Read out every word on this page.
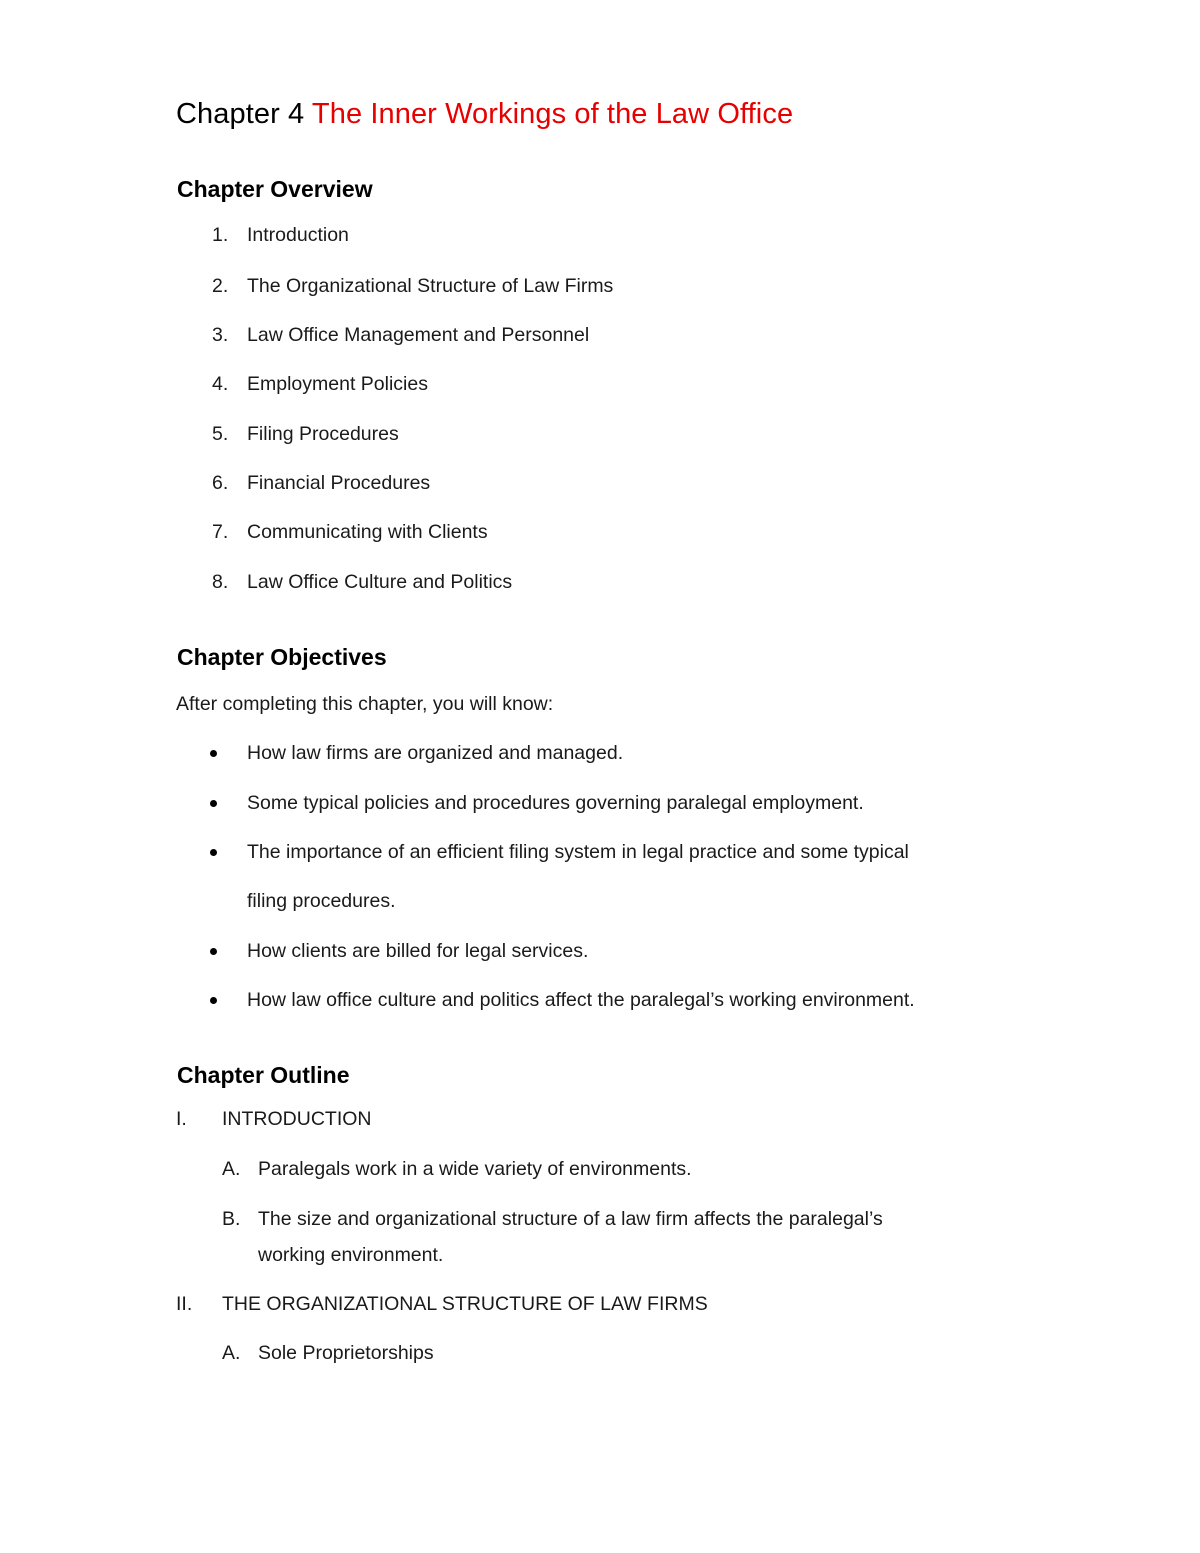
Chapter 4 The Inner Workings of the Law Office
Chapter Overview
1. Introduction
2. The Organizational Structure of Law Firms
3. Law Office Management and Personnel
4. Employment Policies
5. Filing Procedures
6. Financial Procedures
7. Communicating with Clients
8. Law Office Culture and Politics
Chapter Objectives
After completing this chapter, you will know:
How law firms are organized and managed.
Some typical policies and procedures governing paralegal employment.
The importance of an efficient filing system in legal practice and some typical
filing procedures.
How clients are billed for legal services.
How law office culture and politics affect the paralegal’s working environment.
Chapter Outline
I. INTRODUCTION
A. Paralegals work in a wide variety of environments.
B. The size and organizational structure of a law firm affects the paralegal’s
working environment.
II. THE ORGANIZATIONAL STRUCTURE OF LAW FIRMS
A. Sole Proprietorships
